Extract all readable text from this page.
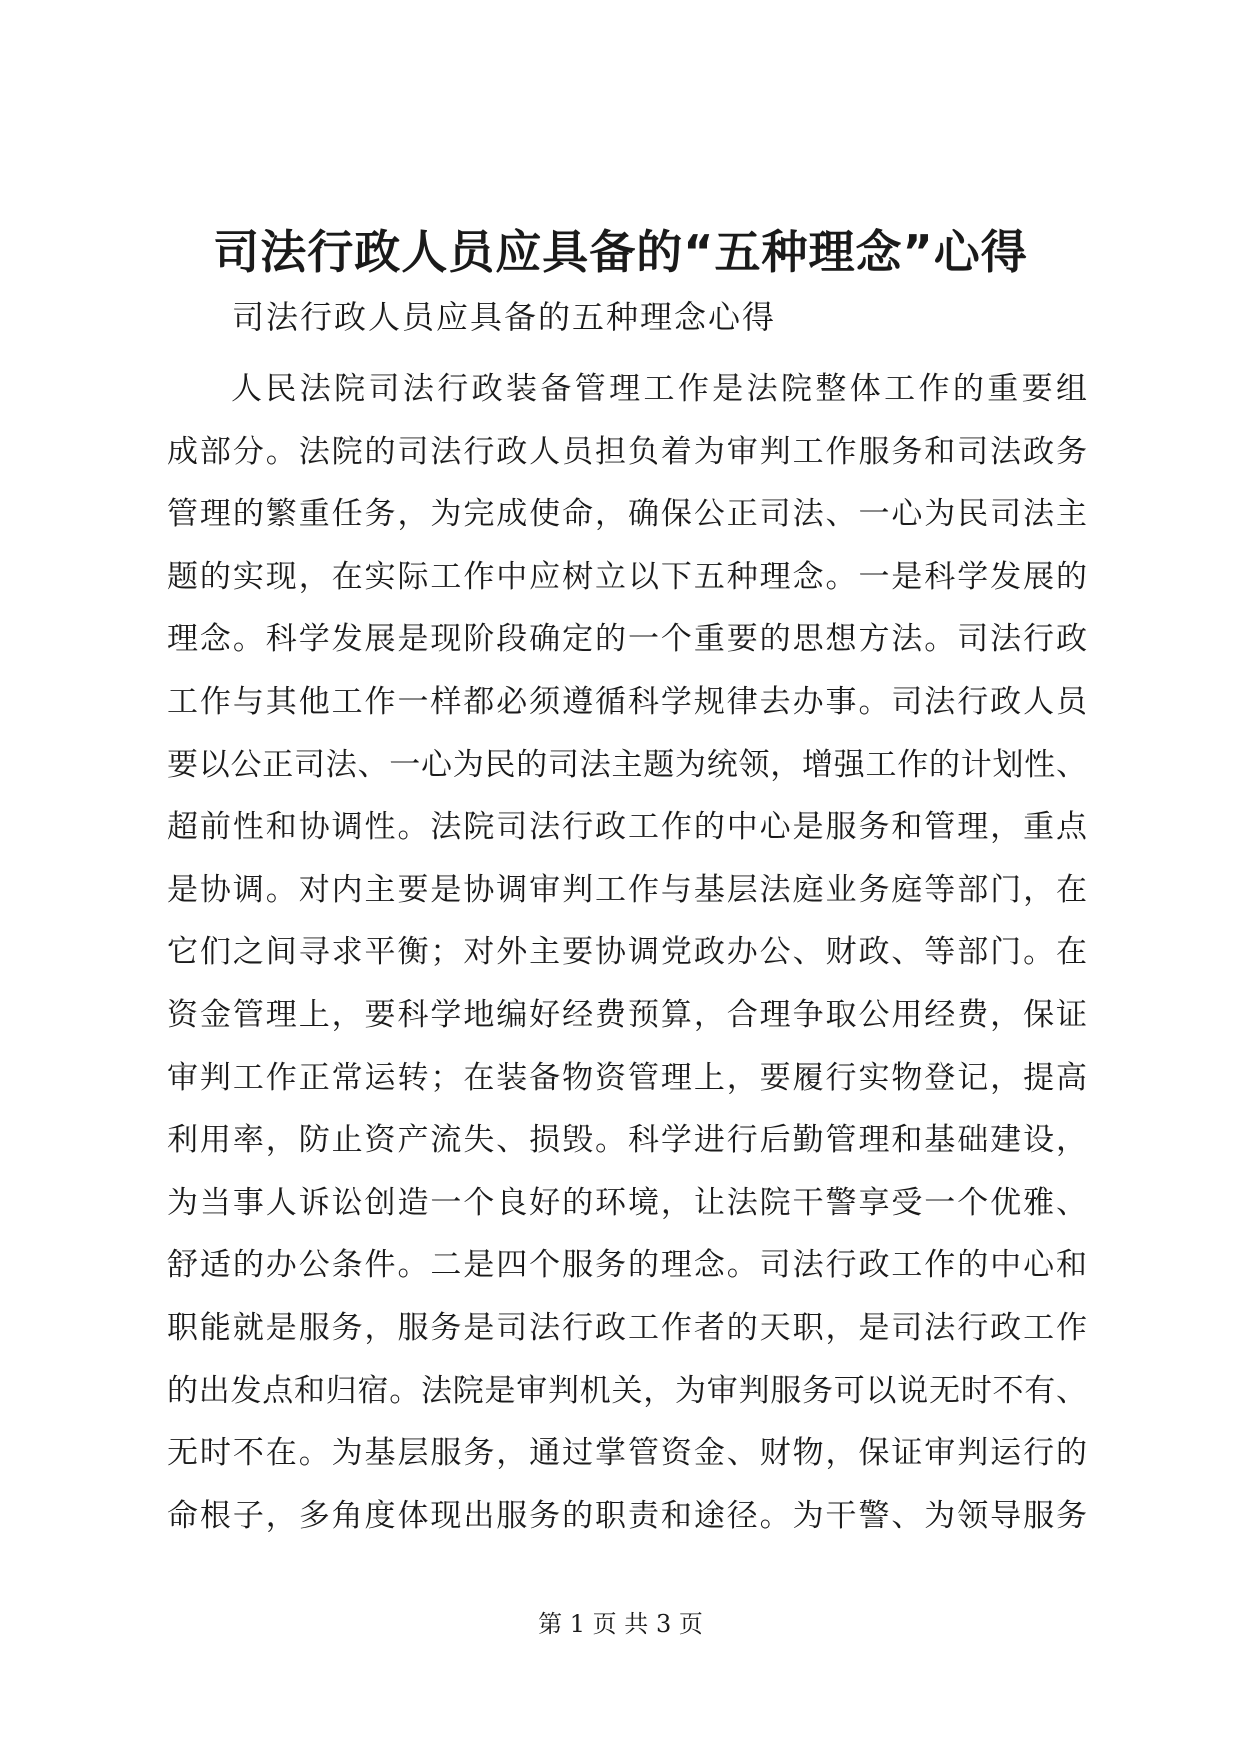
司法行政人员应具备的“五种理念”心得

司法行政人员应具备的五种理念心得

人民法院司法行政装备管理工作是法院整体工作的重要组
成部分。法院的司法行政人员担负着为审判工作服务和司法政务
管理的繁重任务，为完成使命，确保公正司法、一心为民司法主
题的实现，在实际工作中应树立以下五种理念。一是科学发展的
理念。科学发展是现阶段确定的一个重要的思想方法。司法行政
工作与其他工作一样都必须遵循科学规律去办事。司法行政人员
要以公正司法、一心为民的司法主题为统领，增强工作的计划性、
超前性和协调性。法院司法行政工作的中心是服务和管理，重点
是协调。对内主要是协调审判工作与基层法庭业务庭等部门，在
它们之间寻求平衡；对外主要协调党政办公、财政、等部门。在
资金管理上，要科学地编好经费预算，合理争取公用经费，保证
审判工作正常运转；在装备物资管理上，要履行实物登记，提高
利用率，防止资产流失、损毁。科学进行后勤管理和基础建设，
为当事人诉讼创造一个良好的环境，让法院干警享受一个优雅、
舒适的办公条件。二是四个服务的理念。司法行政工作的中心和
职能就是服务，服务是司法行政工作者的天职，是司法行政工作
的出发点和归宿。法院是审判机关，为审判服务可以说无时不有、
无时不在。为基层服务，通过掌管资金、财物，保证审判运行的
命根子，多角度体现出服务的职责和途径。为干警、为领导服务
第 1 页 共 3 页
